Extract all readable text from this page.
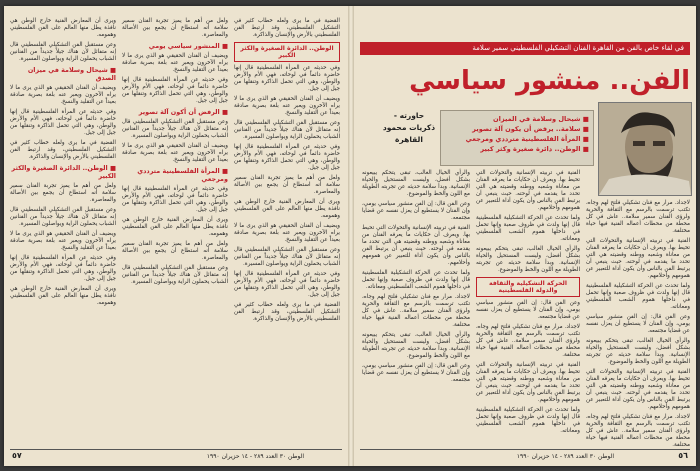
القضية في ما يرى ولعله خطاب كثير في التشكيل الفلسطيني، وقد ارتبط الفن الفلسطيني بالأرض والإنسان والذاكرة.

الوطن.. الدائرة الصغيرة والكثر الكبير

وفي حديثه عن المرأة الفلسطينية قال إنها حاضرة دائماً في لوحاته، فهي الأم والأرض والوطن، وهي التي تحمل الذاكرة وتنقلها من جيل إلى جيل.

ويضيف أن الفنان الحقيقي هو الذي يرى ما لا يراه الآخرون ويعبر عنه بلغة بصرية صادقة بعيداً عن التقليد والنسخ.

وعن مستقبل الفن التشكيلي الفلسطيني قال إنه متفائل لأن هناك جيلاً جديداً من الفنانين الشباب يحملون الراية ويواصلون المسيرة.

وفي حديثه عن المرأة الفلسطينية قال إنها حاضرة دائماً في لوحاته، فهي الأم والأرض والوطن، وهي التي تحمل الذاكرة وتنقلها من جيل إلى جيل.

ولعل من أهم ما يميز تجربة الفنان سمير سلامة أنه استطاع أن يجمع بين الأصالة والمعاصرة.

ويرى أن المعارض الفنية خارج الوطن هي نافذة يطل منها العالم على الفن الفلسطيني وهمومه.

ويضيف أن الفنان الحقيقي هو الذي يرى ما لا يراه الآخرون ويعبر عنه بلغة بصرية صادقة بعيداً عن التقليد والنسخ.

وعن مستقبل الفن التشكيلي الفلسطيني قال إنه متفائل لأن هناك جيلاً جديداً من الفنانين الشباب يحملون الراية ويواصلون المسيرة.

وفي حديثه عن المرأة الفلسطينية قال إنها حاضرة دائماً في لوحاته، فهي الأم والأرض والوطن، وهي التي تحمل الذاكرة وتنقلها من جيل إلى جيل.

القضية في ما يرى ولعله خطاب كثير في التشكيل الفلسطيني، وقد ارتبط الفن الفلسطيني بالأرض والإنسان والذاكرة.

ولعل من أهم ما يميز تجربة الفنان سمير سلامة أنه استطاع أن يجمع بين الأصالة والمعاصرة.

■ المنشور سياسي يومي

ويضيف أن الفنان الحقيقي هو الذي يرى ما لا يراه الآخرون ويعبر عنه بلغة بصرية صادقة بعيداً عن التقليد والنسخ.

وفي حديثه عن المرأة الفلسطينية قال إنها حاضرة دائماً في لوحاته، فهي الأم والأرض والوطن، وهي التي تحمل الذاكرة وتنقلها من جيل إلى جيل.

■ الرفض أن أكون آلة تصوير

وعن مستقبل الفن التشكيلي الفلسطيني قال إنه متفائل لأن هناك جيلاً جديداً من الفنانين الشباب يحملون الراية ويواصلون المسيرة.

ويضيف أن الفنان الحقيقي هو الذي يرى ما لا يراه الآخرون ويعبر عنه بلغة بصرية صادقة بعيداً عن التقليد والنسخ.

■ المرأة الفلسطينية مترددي ومرجعي

وفي حديثه عن المرأة الفلسطينية قال إنها حاضرة دائماً في لوحاته، فهي الأم والأرض والوطن، وهي التي تحمل الذاكرة وتنقلها من جيل إلى جيل.

ويرى أن المعارض الفنية خارج الوطن هي نافذة يطل منها العالم على الفن الفلسطيني وهمومه.

ولعل من أهم ما يميز تجربة الفنان سمير سلامة أنه استطاع أن يجمع بين الأصالة والمعاصرة.

وعن مستقبل الفن التشكيلي الفلسطيني قال إنه متفائل لأن هناك جيلاً جديداً من الفنانين الشباب يحملون الراية ويواصلون المسيرة.

ويرى أن المعارض الفنية خارج الوطن هي نافذة يطل منها العالم على الفن الفلسطيني وهمومه.

وعن مستقبل الفن التشكيلي الفلسطيني قال إنه متفائل لأن هناك جيلاً جديداً من الفنانين الشباب يحملون الراية ويواصلون المسيرة.

■ شيحال وسلامة في ميزان الصدق

ويضيف أن الفنان الحقيقي هو الذي يرى ما لا يراه الآخرون ويعبر عنه بلغة بصرية صادقة بعيداً عن التقليد والنسخ.

وفي حديثه عن المرأة الفلسطينية قال إنها حاضرة دائماً في لوحاته، فهي الأم والأرض والوطن، وهي التي تحمل الذاكرة وتنقلها من جيل إلى جيل.

القضية في ما يرى ولعله خطاب كثير في التشكيل الفلسطيني، وقد ارتبط الفن الفلسطيني بالأرض والإنسان والذاكرة.

■ الوطن.. الدائرة الصغيرة والكثر الكبير

ولعل من أهم ما يميز تجربة الفنان سمير سلامة أنه استطاع أن يجمع بين الأصالة والمعاصرة.

وعن مستقبل الفن التشكيلي الفلسطيني قال إنه متفائل لأن هناك جيلاً جديداً من الفنانين الشباب يحملون الراية ويواصلون المسيرة.

ويضيف أن الفنان الحقيقي هو الذي يرى ما لا يراه الآخرون ويعبر عنه بلغة بصرية صادقة بعيداً عن التقليد والنسخ.

وفي حديثه عن المرأة الفلسطينية قال إنها حاضرة دائماً في لوحاته، فهي الأم والأرض والوطن، وهي التي تحمل الذاكرة وتنقلها من جيل إلى جيل.

ويرى أن المعارض الفنية خارج الوطن هي نافذة يطل منها العالم على الفن الفلسطيني وهمومه.

الوطن ٣٠ العدد ٢٨٩ - ١٤ حزيران ١٩٩٠
٥٧
في لقاء خاص بالفن من القاهرة الفنان التشكيلي الفلسطيني سمير سلامة
الفن.. منشور سياسي
■ شيحال وسلامة في الميزان
■ سلامة.. يرفض أن يكون آلة تصوير
■ المرأة الفلسطينية مترددي ومرجعي
■ الوطن.. دائرة صغيرة وكثر كبير
حاورته -
ذكريات محمود
القاهرة

لاجداد. مرار مع فنان تشكيلي فلتح لهم وجاه، تكتب ترسمت بالرسم مع الثقافة والحرية ولرؤى الفنان سمير سلامة.. عاش في كل محطة من محطات أعماله الفنية فيها حياة مختلفة.

الفنية في تربيته الإنسانية والتحولات التي تحيط بها. ويعرف أن حكايات ما يعرفه الفنان من معاناة وشعبه ووطنه وقضيته هي التي تحدد ما يقدمه في لوحته. حيث ينبغي أن يرتبط الفن بالناس وأن يكون أداة للتعبير عن همومهم وأحلامهم.

ولما تحدث عن الحركة التشكيلية الفلسطينية قال إنها ولدت في ظروف صعبة وإنها تحمل في داخلها هموم الشعب الفلسطيني ومعاناته.

وعن الفن قال: إن الفن منشور سياسي يومي، وإن الفنان لا يستطيع أن يعزل نفسه عن قضايا مجتمعه.

والرأي الخيال الغالب، تبقى يتحكم يبيعونه بشكل أفضل، وليست المستحيل والحياة الإنسانية. وبدأ سلامة حديثه عن تجربته الطويلة مع اللون والخط والموضوع.

الفنية في تربيته الإنسانية والتحولات التي تحيط بها. ويعرف أن حكايات ما يعرفه الفنان من معاناة وشعبه ووطنه وقضيته هي التي تحدد ما يقدمه في لوحته. حيث ينبغي أن يرتبط الفن بالناس وأن يكون أداة للتعبير عن همومهم وأحلامهم.

لاجداد. مرار مع فنان تشكيلي فلتح لهم وجاه، تكتب ترسمت بالرسم مع الثقافة والحرية ولرؤى الفنان سمير سلامة.. عاش في كل محطة من محطات أعماله الفنية فيها حياة مختلفة.

الفنية في تربيته الإنسانية والتحولات التي تحيط بها. ويعرف أن حكايات ما يعرفه الفنان من معاناة وشعبه ووطنه وقضيته هي التي تحدد ما يقدمه في لوحته. حيث ينبغي أن يرتبط الفن بالناس وأن يكون أداة للتعبير عن همومهم وأحلامهم.

ولما تحدث عن الحركة التشكيلية الفلسطينية قال إنها ولدت في ظروف صعبة وإنها تحمل في داخلها هموم الشعب الفلسطيني ومعاناته.

والرأي الخيال الغالب، تبقى يتحكم يبيعونه بشكل أفضل، وليست المستحيل والحياة الإنسانية. وبدأ سلامة حديثه عن تجربته الطويلة مع اللون والخط والموضوع.

الحركة التشكيلية والثقافة والدولة الفلسطينية

وعن الفن قال: إن الفن منشور سياسي يومي، وإن الفنان لا يستطيع أن يعزل نفسه عن قضايا مجتمعه.

لاجداد. مرار مع فنان تشكيلي فلتح لهم وجاه، تكتب ترسمت بالرسم مع الثقافة والحرية ولرؤى الفنان سمير سلامة.. عاش في كل محطة من محطات أعماله الفنية فيها حياة مختلفة.

الفنية في تربيته الإنسانية والتحولات التي تحيط بها. ويعرف أن حكايات ما يعرفه الفنان من معاناة وشعبه ووطنه وقضيته هي التي تحدد ما يقدمه في لوحته. حيث ينبغي أن يرتبط الفن بالناس وأن يكون أداة للتعبير عن همومهم وأحلامهم.

ولما تحدث عن الحركة التشكيلية الفلسطينية قال إنها ولدت في ظروف صعبة وإنها تحمل في داخلها هموم الشعب الفلسطيني ومعاناته.

والرأي الخيال الغالب، تبقى يتحكم يبيعونه بشكل أفضل، وليست المستحيل والحياة الإنسانية. وبدأ سلامة حديثه عن تجربته الطويلة مع اللون والخط والموضوع.

وعن الفن قال: إن الفن منشور سياسي يومي، وإن الفنان لا يستطيع أن يعزل نفسه عن قضايا مجتمعه.

الفنية في تربيته الإنسانية والتحولات التي تحيط بها. ويعرف أن حكايات ما يعرفه الفنان من معاناة وشعبه ووطنه وقضيته هي التي تحدد ما يقدمه في لوحته. حيث ينبغي أن يرتبط الفن بالناس وأن يكون أداة للتعبير عن همومهم وأحلامهم.

ولما تحدث عن الحركة التشكيلية الفلسطينية قال إنها ولدت في ظروف صعبة وإنها تحمل في داخلها هموم الشعب الفلسطيني ومعاناته.

لاجداد. مرار مع فنان تشكيلي فلتح لهم وجاه، تكتب ترسمت بالرسم مع الثقافة والحرية ولرؤى الفنان سمير سلامة.. عاش في كل محطة من محطات أعماله الفنية فيها حياة مختلفة.

والرأي الخيال الغالب، تبقى يتحكم يبيعونه بشكل أفضل، وليست المستحيل والحياة الإنسانية. وبدأ سلامة حديثه عن تجربته الطويلة مع اللون والخط والموضوع.

وعن الفن قال: إن الفن منشور سياسي يومي، وإن الفنان لا يستطيع أن يعزل نفسه عن قضايا مجتمعه.

الوطن ٣٠ العدد ٢٨٩ - ١٤ حزيران ١٩٩٠	٥٦
